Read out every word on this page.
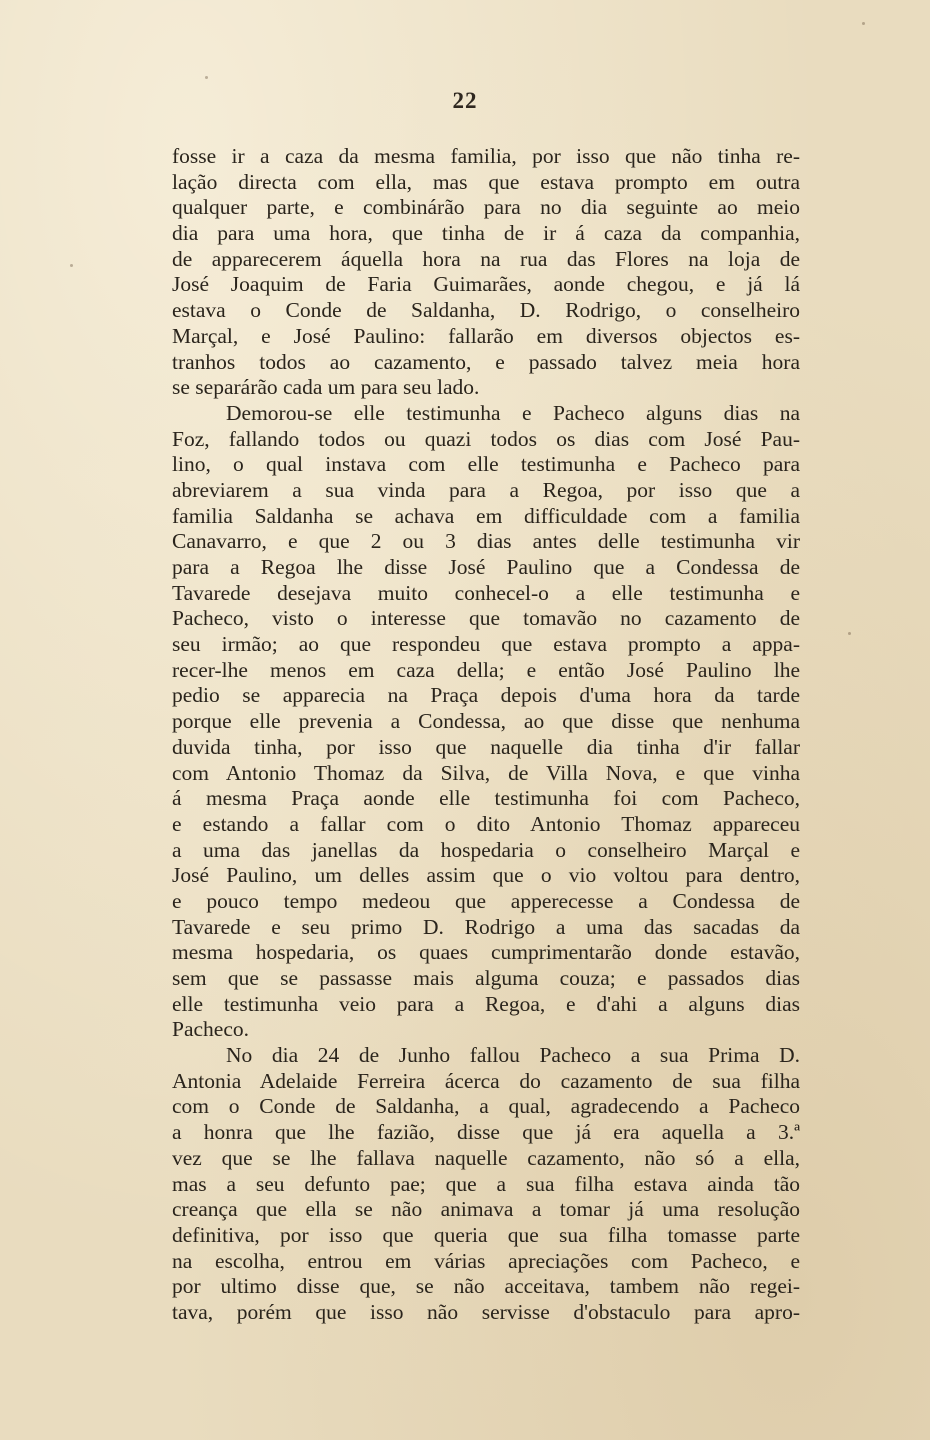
22
fosse ir a caza da mesma familia, por isso que não tinha re-
lação directa com ella, mas que estava prompto em outra
qualquer parte, e combinárão para no dia seguinte ao meio
dia para uma hora, que tinha de ir á caza da companhia,
de apparecerem áquella hora na rua das Flores na loja de
José Joaquim de Faria Guimarães, aonde chegou, e já lá
estava o Conde de Saldanha, D. Rodrigo, o conselheiro
Marçal, e José Paulino: fallarão em diversos objectos es-
tranhos todos ao cazamento, e passado talvez meia hora
se separárão cada um para seu lado.
Demorou-se elle testimunha e Pacheco alguns dias na
Foz, fallando todos ou quazi todos os dias com José Pau-
lino, o qual instava com elle testimunha e Pacheco para
abreviarem a sua vinda para a Regoa, por isso que a
familia Saldanha se achava em difficuldade com a familia
Canavarro, e que 2 ou 3 dias antes delle testimunha vir
para a Regoa lhe disse José Paulino que a Condessa de
Tavarede desejava muito conhecel-o a elle testimunha e
Pacheco, visto o interesse que tomavão no cazamento de
seu irmão; ao que respondeu que estava prompto a appa-
recer-lhe menos em caza della; e então José Paulino lhe
pedio se apparecia na Praça depois d'uma hora da tarde
porque elle prevenia a Condessa, ao que disse que nenhuma
duvida tinha, por isso que naquelle dia tinha d'ir fallar
com Antonio Thomaz da Silva, de Villa Nova, e que vinha
á mesma Praça aonde elle testimunha foi com Pacheco,
e estando a fallar com o dito Antonio Thomaz appareceu
a uma das janellas da hospedaria o conselheiro Marçal e
José Paulino, um delles assim que o vio voltou para dentro,
e pouco tempo medeou que apperecesse a Condessa de
Tavarede e seu primo D. Rodrigo a uma das sacadas da
mesma hospedaria, os quaes cumprimentarão donde estavão,
sem que se passasse mais alguma couza; e passados dias
elle testimunha veio para a Regoa, e d'ahi a alguns dias
Pacheco.
No dia 24 de Junho fallou Pacheco a sua Prima D.
Antonia Adelaide Ferreira ácerca do cazamento de sua filha
com o Conde de Saldanha, a qual, agradecendo a Pacheco
a honra que lhe fazião, disse que já era aquella a 3.ª
vez que se lhe fallava naquelle cazamento, não só a ella,
mas a seu defunto pae; que a sua filha estava ainda tão
creança que ella se não animava a tomar já uma resolução
definitiva, por isso que queria que sua filha tomasse parte
na escolha, entrou em várias apreciações com Pacheco, e
por ultimo disse que, se não acceitava, tambem não regei-
tava, porém que isso não servisse d'obstaculo para apro-
